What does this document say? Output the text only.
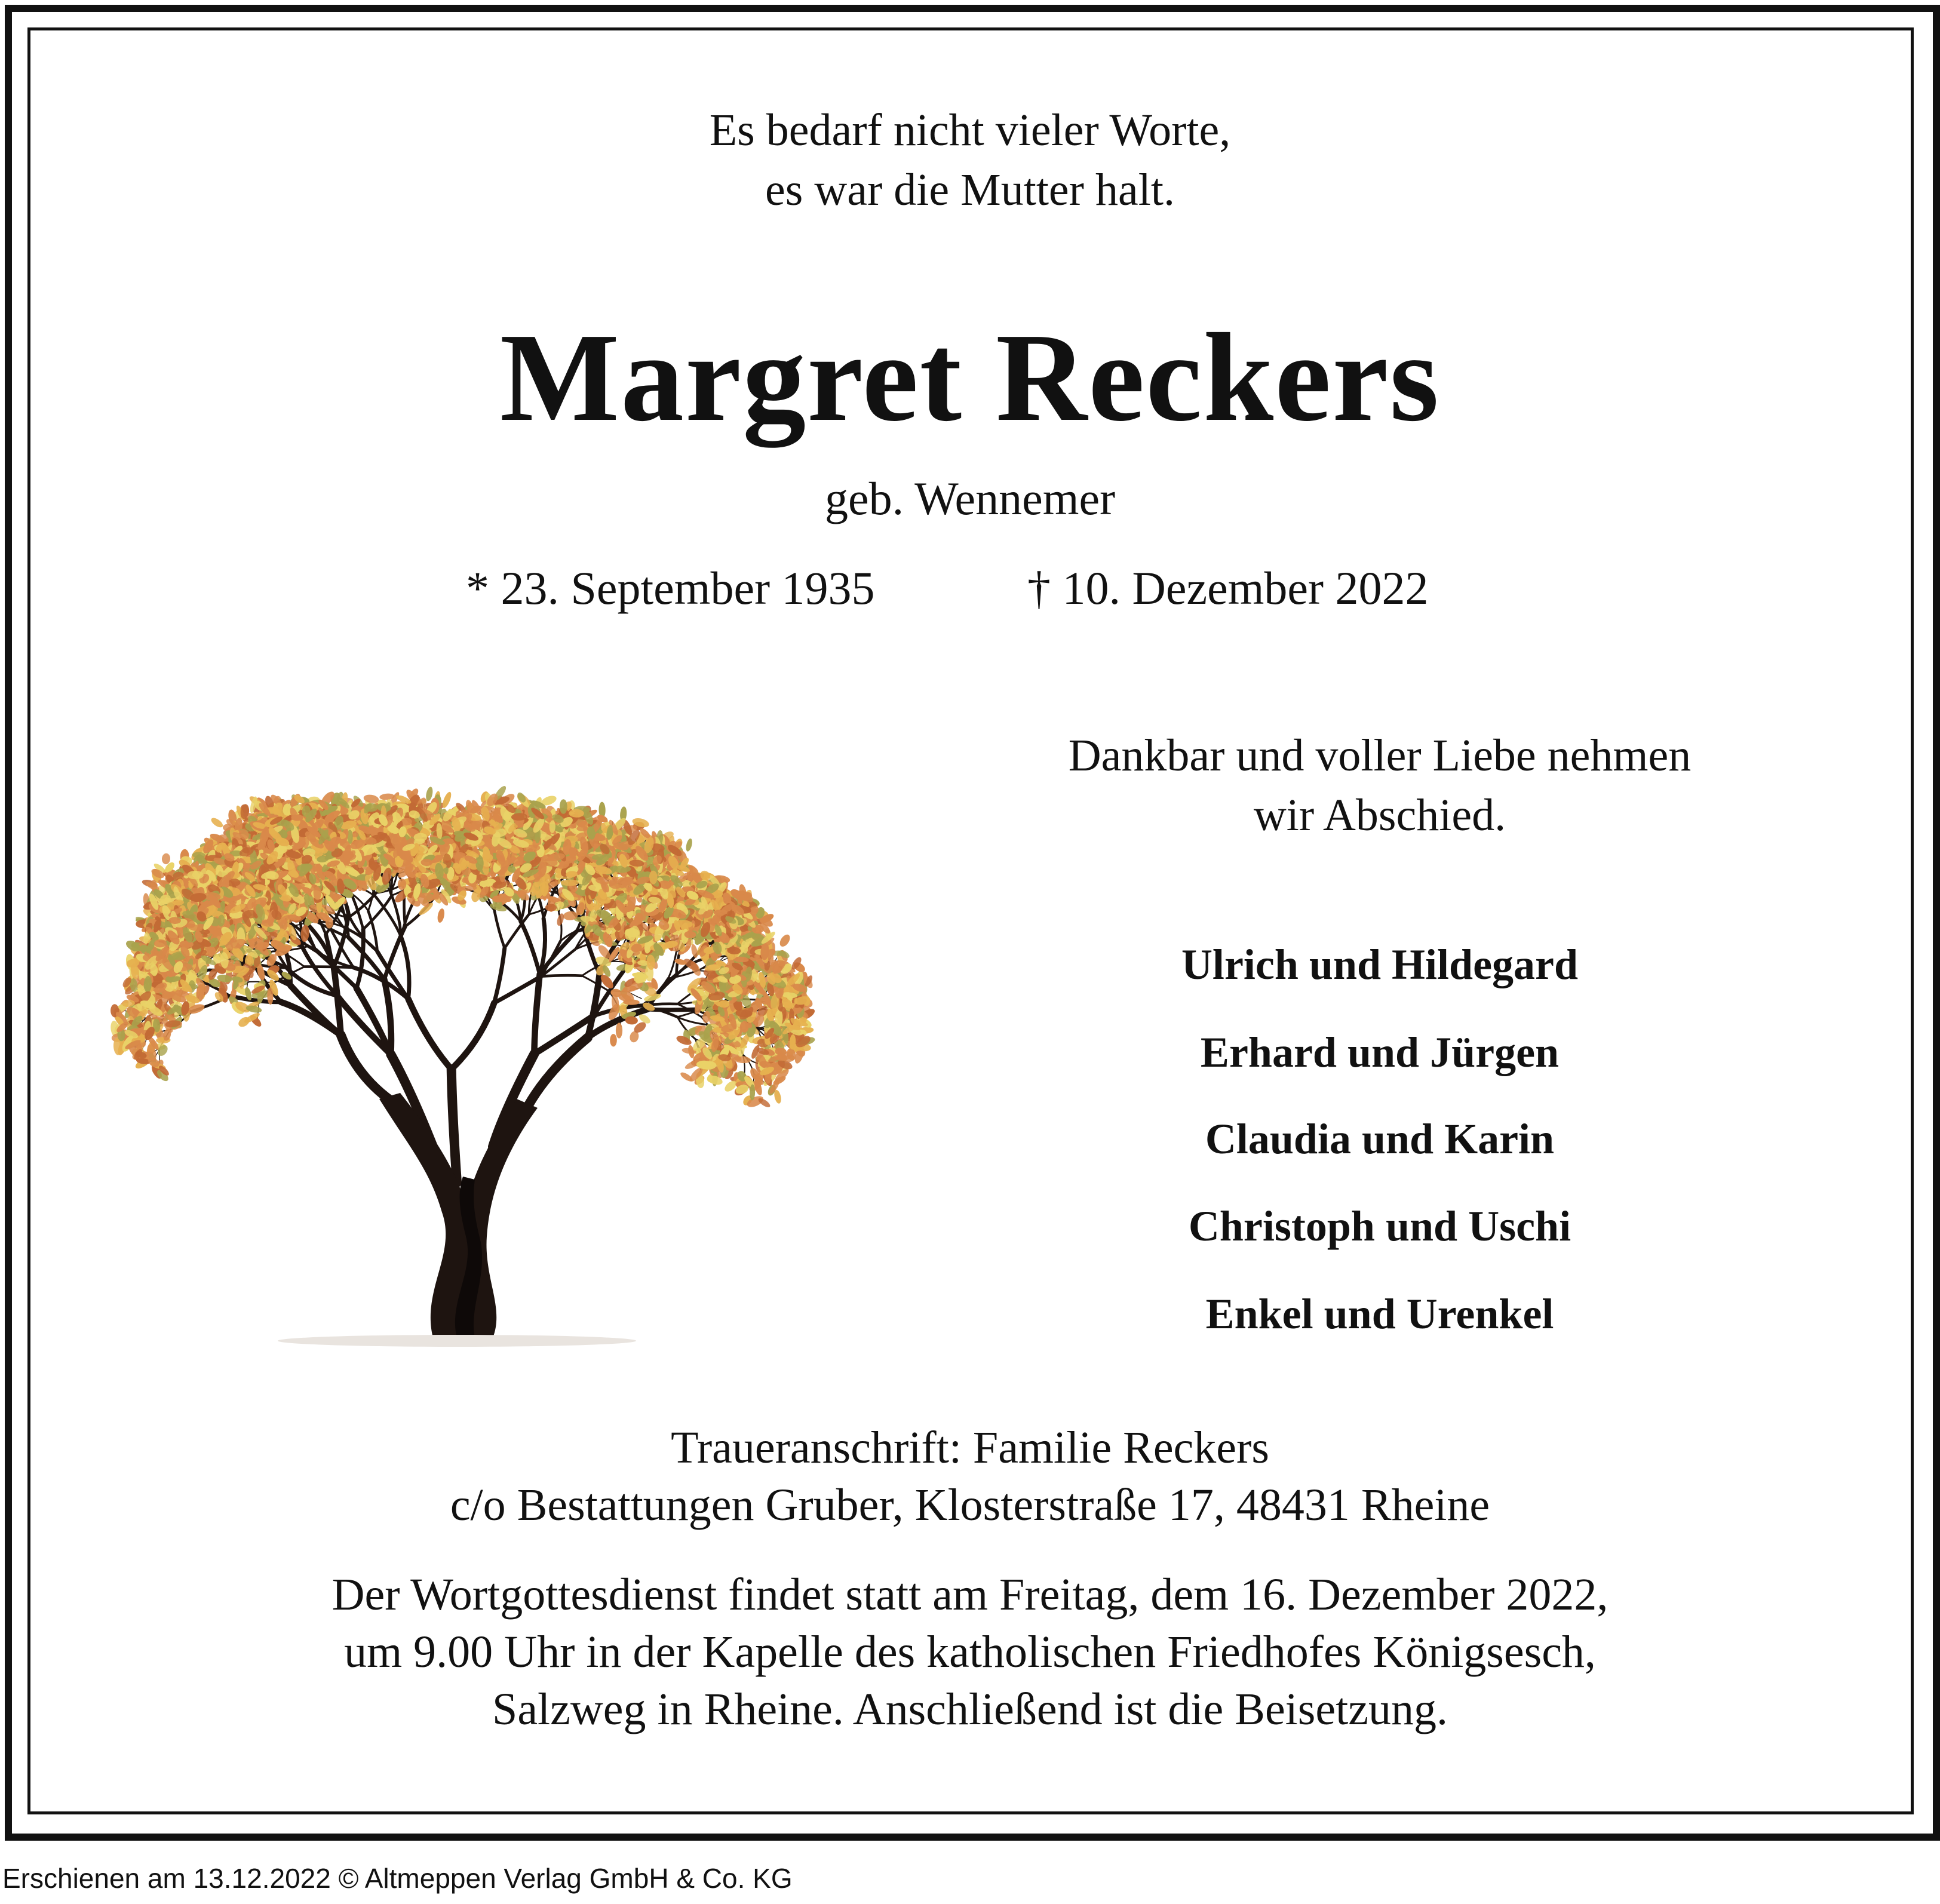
Es bedarf nicht vieler Worte,
es war die Mutter halt.
Margret Reckers
geb. Wennemer
* 23. September 1935	† 10. Dezember 2022
Dankbar und voller Liebe nehmen
wir Abschied.
Ulrich und Hildegard
Erhard und Jürgen
Claudia und Karin
Christoph und Uschi
Enkel und Urenkel
Traueranschrift: Familie Reckers
c/o Bestattungen Gruber, Klosterstraße 17, 48431 Rheine
Der Wortgottesdienst findet statt am Freitag, dem 16. Dezember 2022,
um 9.00 Uhr in der Kapelle des katholischen Friedhofes Königsesch,
Salzweg in Rheine. Anschließend ist die Beisetzung.
Erschienen am 13.12.2022 © Altmeppen Verlag GmbH & Co. KG
